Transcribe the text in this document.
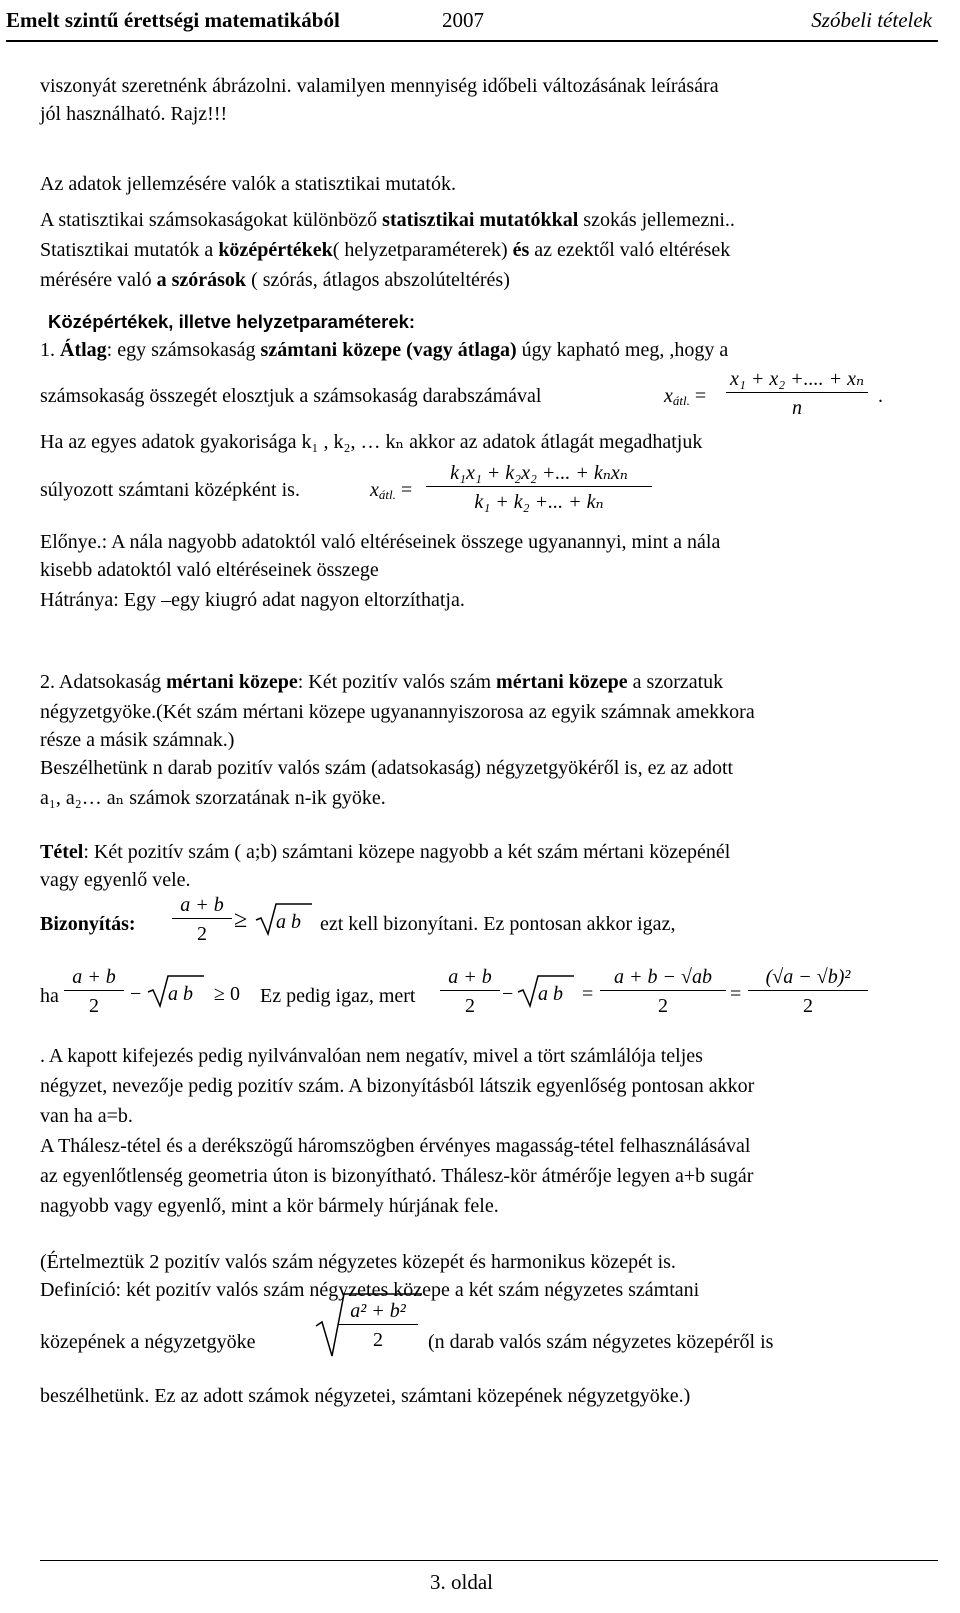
Emelt szintű érettségi matematikából	2007	Szóbeli tételek
viszonyát szeretnénk ábrázolni. valamilyen mennyiség időbeli változásának leírására
jól használható. Rajz!!!
Az adatok jellemzésére valók a statisztikai mutatók.
A statisztikai számsokaságokat különböző statisztikai mutatókkal szokás jellemezni..
Statisztikai mutatók a középértékek( helyzetparaméterek) és az ezektől való eltérések
mérésére való a szórások ( szórás, átlagos abszolúteltérés)
Középértékek, illetve helyzetparaméterek:
1. Átlag: egy számsokaság számtani közepe (vagy átlaga) úgy kapható meg, ,hogy a
számsokaság összegét elosztjuk a számsokaság darabszámával	$x_{átl.} = \frac{\text{x₁ + x₂ +.... + xₙ}}{n}$ .
Ha az egyes adatok gyakorisága k₁ , k₂, … kₙ akkor az adatok átlagát megadhatjuk
súlyozott számtani középként is.	$x_{átl.}$ =
k₁x₁ + k₂x₂ +... + kₙxₙ
k₁ + k₂ +... + kₙ
Előnye.: A nála nagyobb adatoktól való eltéréseinek összege ugyanannyi, mint a nála
kisebb adatoktól való eltéréseinek összege
Hátránya: Egy –egy kiugró adat nagyon eltorzíthatja.
2. Adatsokaság mértani közepe: Két pozitív valós szám mértani közepe a szorzatuk
négyzetgyöke.(Két szám mértani közepe ugyanannyiszorosa az egyik számnak amekkora
része a másik számnak.)
Beszélhetünk n darab pozitív valós szám (adatsokaság) négyzetgyökéről is, ez az adott
a₁, a₂… aₙ számok szorzatának n-ik gyöke.
Tétel: Két pozitív szám ( a;b) számtani közepe nagyobb a két szám mértani közepénél
vagy egyenlő vele.
Bizonyítás:
a + b
2
≥ a b ezt kell bizonyítani. Ez pontosan akkor igaz,
ha
a + b
2
− a b ≥ 0 Ez pedig igaz, mert
a + b
2
− a b =
a + b − √ab
2
=
(√a − √b)²
2
. A kapott kifejezés pedig nyilvánvalóan nem negatív, mivel a tört számlálója teljes
négyzet, nevezője pedig pozitív szám. A bizonyításból látszik egyenlőség pontosan akkor
van ha a=b.
A Thálesz-tétel és a derékszögű háromszögben érvényes magasság-tétel felhasználásával
az egyenlőtlenség geometria úton is bizonyítható. Thálesz-kör átmérője legyen a+b sugár
nagyobb vagy egyenlő, mint a kör bármely húrjának fele.
(Értelmeztük 2 pozitív valós szám négyzetes közepét és harmonikus közepét is.
Definíció: két pozitív valós szám négyzetes közepe a két szám négyzetes számtani
közepének a négyzetgyöke
a² + b²
2	(n darab valós szám négyzetes közepéről is
beszélhetünk. Ez az adott számok négyzetei, számtani közepének négyzetgyöke.)
3. oldal
